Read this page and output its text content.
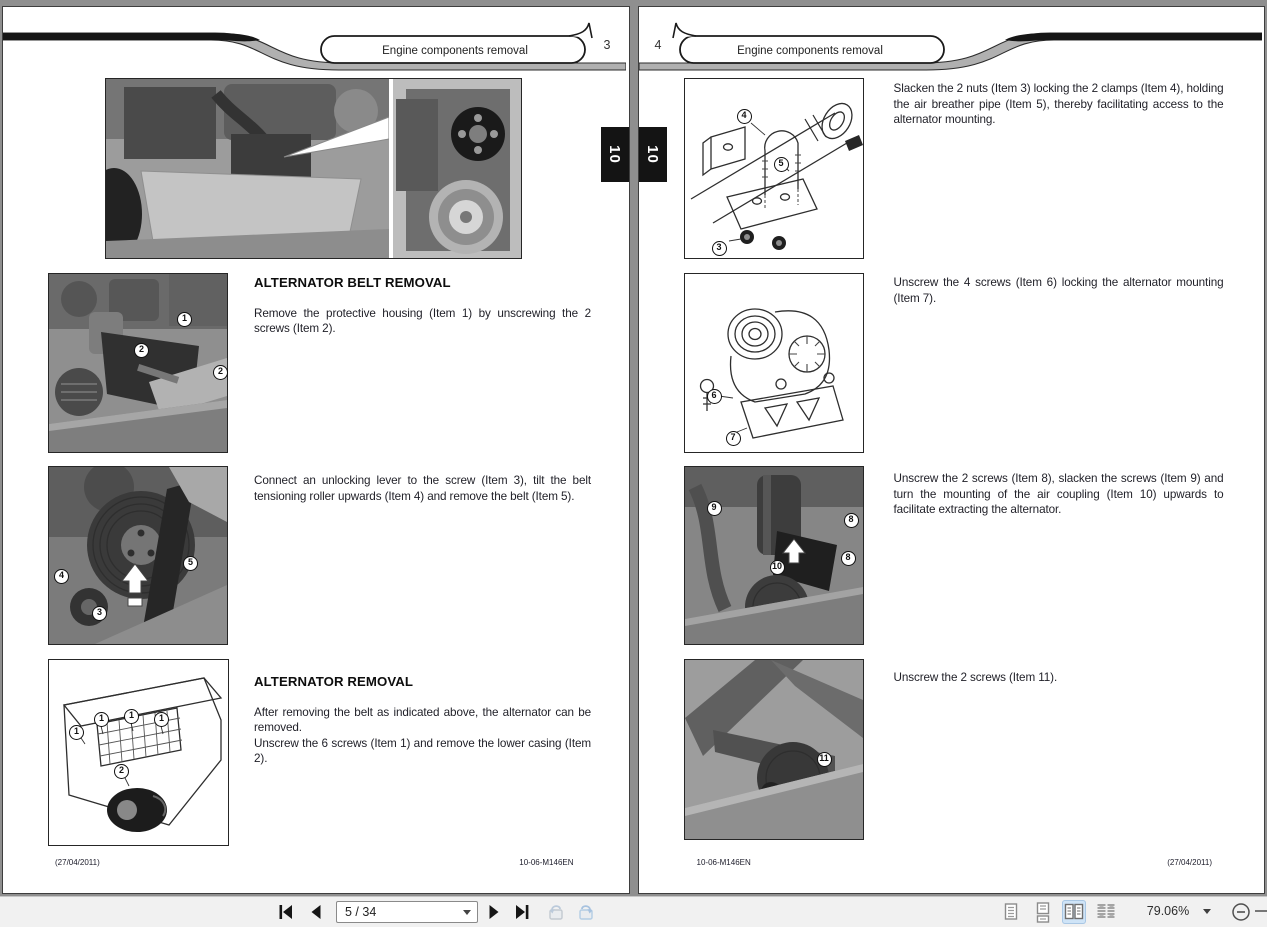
Engine components removal	3
10
1
2
2
ALTERNATOR BELT REMOVAL

Remove the protective housing (Item 1) by unscrewing the 2 screws (Item 2).

4
3
5

Connect an unlocking lever to the screw (Item 3), tilt the belt tensioning roller upwards (Item 4) and remove the belt (Item 5).

1	1	1
1
2
ALTERNATOR REMOVAL

After removing the belt as indicated above, the alternator can be removed.

Unscrew the 6 screws (Item 1) and remove the lower casing (Item 2).

(27/04/2011)	10-06-M146EN
Engine components removal
4
10
4
5
3

Slacken the 2 nuts (Item 3) locking the 2 clamps (Item 4), holding the air breather pipe (Item 5), thereby facilitating access to the alternator mounting.

6
7

Unscrew the 4 screws (Item 6) locking the alternator mounting (Item 7).

9
8
8
10

Unscrew the 2 screws (Item 8), slacken the screws (Item 9) and turn the mounting of the air coupling (Item 10) upwards to facilitate extracting the alternator.

11

Unscrew the 2 screws (Item 11).

10-06-M146EN	(27/04/2011)
5 / 34
79.06%
